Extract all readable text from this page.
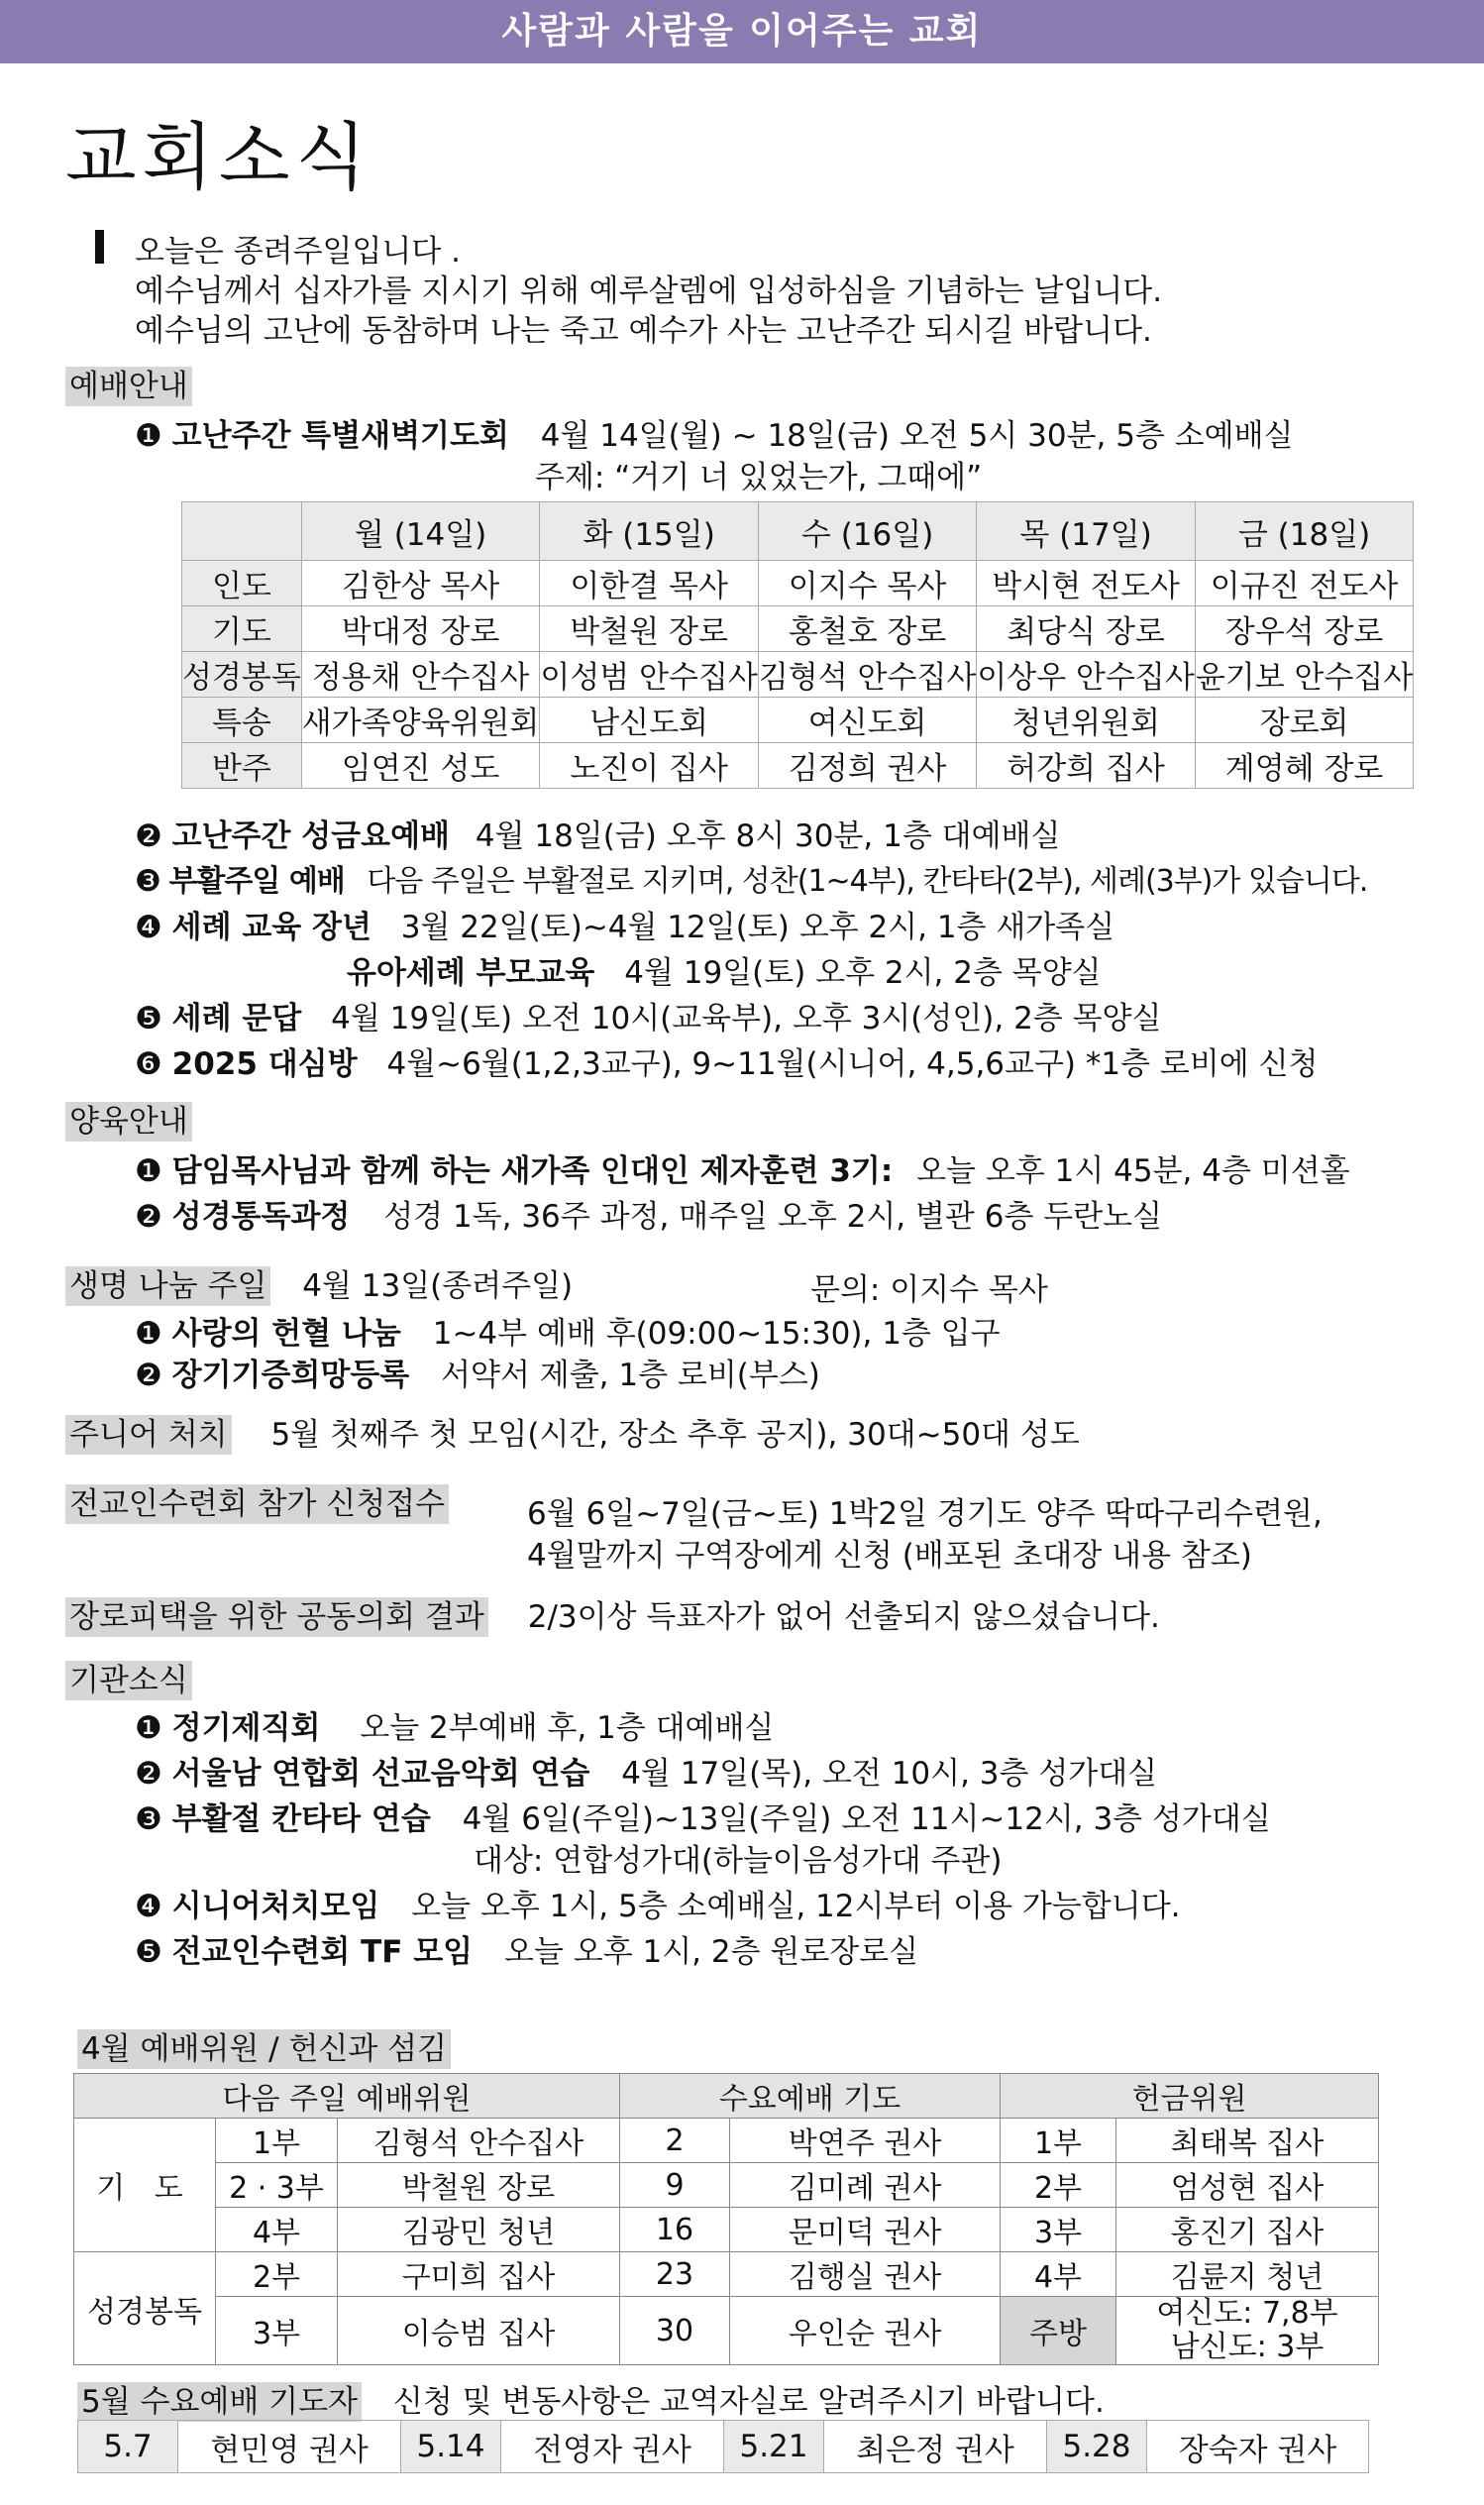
사람과 사람을 이어주는 교회
교회소식
오늘은 종려주일입니다 .
예수님께서 십자가를 지시기 위해 예루살렘에 입성하심을 기념하는 날입니다.
예수님의 고난에 동참하며 나는 죽고 예수가 사는 고난주간 되시길 바랍니다.
예배안내
❶ 고난주간 특별새벽기도회 4월 14일(월) ~ 18일(금) 오전 5시 30분, 5층 소예배실
주제: “거기 너 있었는가, 그때에”
	월 (14일)	화 (15일)	수 (16일)	목 (17일)	금 (18일)
인도	김한상 목사	이한결 목사	이지수 목사	박시현 전도사	이규진 전도사
기도	박대정 장로	박철원 장로	홍철호 장로	최당식 장로	장우석 장로
성경봉독	정용채 안수집사	이성범 안수집사	김형석 안수집사	이상우 안수집사	윤기보 안수집사
특송	새가족양육위원회	남신도회	여신도회	청년위원회	장로회
반주	임연진 성도	노진이 집사	김정희 권사	허강희 집사	계영혜 장로
❷ 고난주간 성금요예배 4월 18일(금) 오후 8시 30분, 1층 대예배실
❸ 부활주일 예배 다음 주일은 부활절로 지키며, 성찬(1~4부), 칸타타(2부), 세례(3부)가 있습니다.
❹ 세례 교육 장년 3월 22일(토)~4월 12일(토) 오후 2시, 1층 새가족실
유아세례 부모교육 4월 19일(토) 오후 2시, 2층 목양실
❺ 세례 문답 4월 19일(토) 오전 10시(교육부), 오후 3시(성인), 2층 목양실
❻ 2025 대심방 4월~6월(1,2,3교구), 9~11월(시니어, 4,5,6교구) *1층 로비에 신청
양육안내
❶ 담임목사님과 함께 하는 새가족 인대인 제자훈련 3기: 오늘 오후 1시 45분, 4층 미션홀
❷ 성경통독과정 성경 1독, 36주 과정, 매주일 오후 2시, 별관 6층 두란노실
생명 나눔 주일 4월 13일(종려주일)	문의: 이지수 목사
❶ 사랑의 헌혈 나눔 1~4부 예배 후(09:00~15:30), 1층 입구
❷ 장기기증희망등록 서약서 제출, 1층 로비(부스)
주니어 처치 5월 첫째주 첫 모임(시간, 장소 추후 공지), 30대~50대 성도
전교인수련회 참가 신청접수	6월 6일~7일(금~토) 1박2일 경기도 양주 딱따구리수련원,
4월말까지 구역장에게 신청 (배포된 초대장 내용 참조)
장로피택을 위한 공동의회 결과 2/3이상 득표자가 없어 선출되지 않으셨습니다.
기관소식
❶ 정기제직회 오늘 2부예배 후, 1층 대예배실
❷ 서울남 연합회 선교음악회 연습 4월 17일(목), 오전 10시, 3층 성가대실
❸ 부활절 칸타타 연습 4월 6일(주일)~13일(주일) 오전 11시~12시, 3층 성가대실
대상: 연합성가대(하늘이음성가대 주관)
❹ 시니어처치모임 오늘 오후 1시, 5층 소예배실, 12시부터 이용 가능합니다.
❺ 전교인수련회 TF 모임 오늘 오후 1시, 2층 원로장로실
4월 예배위원 / 헌신과 섬김
다음 주일 예배위원			수요예배 기도		헌금위원	
기 도	1부	김형석 안수집사	2	박연주 권사	1부	최태복 집사
	2 · 3부	박철원 장로	9	김미례 권사	2부	엄성현 집사
	4부	김광민 청년	16	문미덕 권사	3부	홍진기 집사
성경봉독	2부	구미희 집사	23	김행실 권사	4부	김륜지 청년
	3부	이승범 집사	30	우인순 권사	주방	여신도: 7,8부
남신도: 3부
5월 수요예배 기도자 신청 및 변동사항은 교역자실로 알려주시기 바랍니다.
5.7	현민영 권사	5.14	전영자 권사	5.21	최은정 권사	5.28	장숙자 권사
